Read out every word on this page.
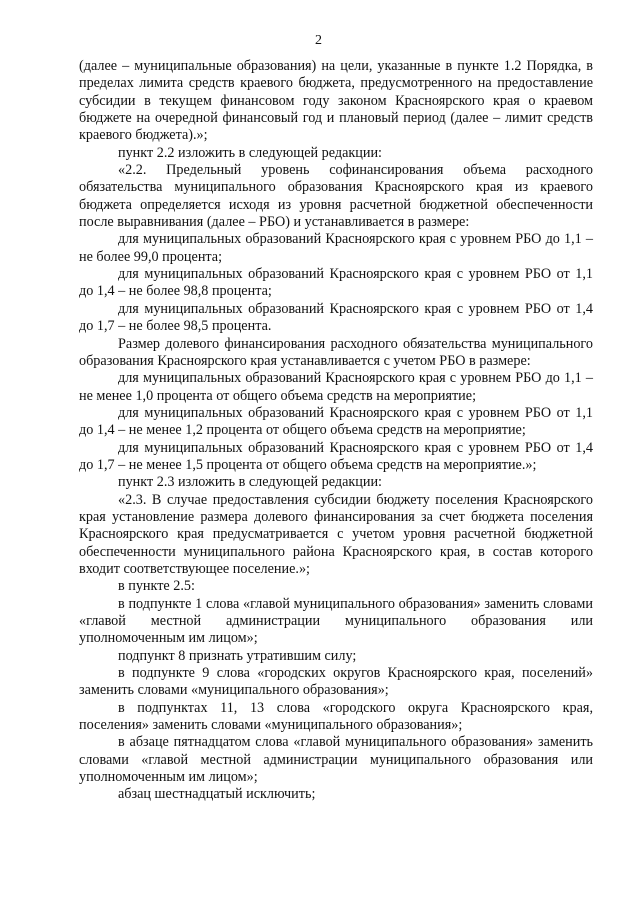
2

(далее – муниципальные образования) на цели, указанные в пункте 1.2 Порядка, в пределах лимита средств краевого бюджета, предусмотренного на предоставление субсидии в текущем финансовом году законом Красноярского края о краевом бюджете на очередной финансовый год и плановый период (далее – лимит средств краевого бюджета).»;

пункт 2.2 изложить в следующей редакции:

«2.2. Предельный уровень софинансирования объема расходного обязательства муниципального образования Красноярского края из краевого бюджета определяется исходя из уровня расчетной бюджетной обеспеченности после выравнивания (далее – РБО) и устанавливается в размере:

для муниципальных образований Красноярского края с уровнем РБО до 1,1 – не более 99,0 процента;

для муниципальных образований Красноярского края с уровнем РБО от 1,1 до 1,4 – не более 98,8 процента;

для муниципальных образований Красноярского края с уровнем РБО от 1,4 до 1,7 – не более 98,5 процента.

Размер долевого финансирования расходного обязательства муниципального образования Красноярского края устанавливается с учетом РБО в размере:

для муниципальных образований Красноярского края с уровнем РБО до 1,1 – не менее 1,0 процента от общего объема средств на мероприятие;

для муниципальных образований Красноярского края с уровнем РБО от 1,1 до 1,4 – не менее 1,2 процента от общего объема средств на мероприятие;

для муниципальных образований Красноярского края с уровнем РБО от 1,4 до 1,7 – не менее 1,5 процента от общего объема средств на мероприятие.»;

пункт 2.3 изложить в следующей редакции:

«2.3. В случае предоставления субсидии бюджету поселения Красноярского края установление размера долевого финансирования за счет бюджета поселения Красноярского края предусматривается с учетом уровня расчетной бюджетной обеспеченности муниципального района Красноярского края, в состав которого входит соответствующее поселение.»;

в пункте 2.5:

в подпункте 1 слова «главой муниципального образования» заменить словами «главой местной администрации муниципального образования или уполномоченным им лицом»;

подпункт 8 признать утратившим силу;

в подпункте 9 слова «городских округов Красноярского края, поселений» заменить словами «муниципального образования»;

в подпунктах 11, 13 слова «городского округа Красноярского края, поселения» заменить словами «муниципального образования»;

в абзаце пятнадцатом слова «главой муниципального образования» заменить словами «главой местной администрации муниципального образования или уполномоченным им лицом»;

абзац шестнадцатый исключить;
